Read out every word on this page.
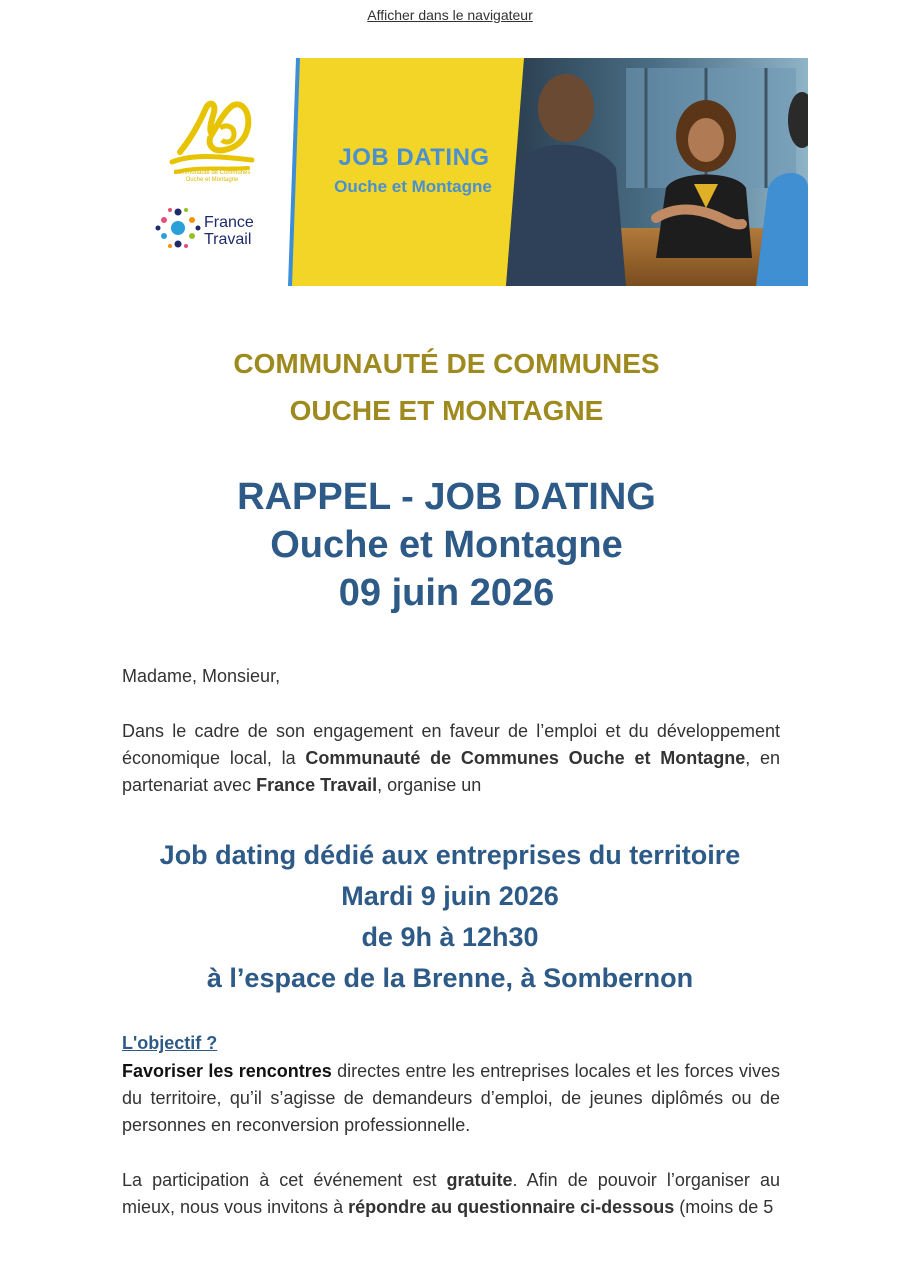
Afficher dans le navigateur
Communauté de Communes
Ouche et Montagne
France
Travail
JOB DATING
Ouche et Montagne
COMMUNAUTÉ DE COMMUNES
OUCHE ET MONTAGNE
RAPPEL - JOB DATING
Ouche et Montagne
09 juin 2026
Madame, Monsieur,
Dans le cadre de son engagement en faveur de l’emploi et du développement économique local, la Communauté de Communes Ouche et Montagne, en partenariat avec France Travail, organise un
Job dating dédié aux entreprises du territoire
Mardi 9 juin 2026
de 9h à 12h30
à l’espace de la Brenne, à Sombernon
L'objectif ?
Favoriser les rencontres directes entre les entreprises locales et les forces vives du territoire, qu’il s’agisse de demandeurs d’emploi, de jeunes diplômés ou de personnes en reconversion professionnelle.
La participation à cet événement est gratuite. Afin de pouvoir l’organiser au mieux, nous vous invitons à répondre au questionnaire ci-dessous (moins de 5
